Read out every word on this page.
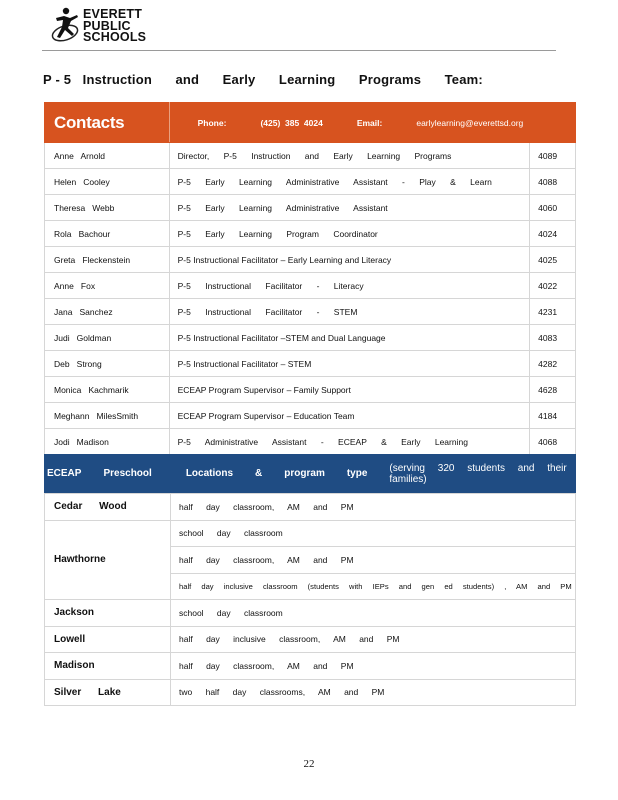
EVERETT
PUBLIC
SCHOOLS
P - 5   Instruction and Early Learning Programs Team:
Contacts	Phone: (425)  385  4024 Email: earlylearning@everettsd.org	
Anne   Arnold	Director, P-5 Instruction and Early Learning Programs	4089
Helen   Cooley	P-5 Early Learning Administrative Assistant - Play & Learn	4088
Theresa   Webb	P-5 Early Learning Administrative Assistant	4060
Rola   Bachour	P-5 Early Learning Program Coordinator	4024
Greta   Fleckenstein	P-5 Instructional Facilitator – Early Learning and Literacy	4025
Anne   Fox	P-5 Instructional Facilitator - Literacy	4022
Jana   Sanchez	P-5 Instructional Facilitator - STEM	4231
Judi   Goldman	P-5 Instructional Facilitator –STEM and Dual Language	4083
Deb   Strong	P-5 Instructional Facilitator – STEM	4282
Monica   Kachmarik	ECEAP Program Supervisor – Family Support	4628
Meghann   MilesSmith	ECEAP Program Supervisor – Education Team	4184
Jodi   Madison	P-5 Administrative Assistant - ECEAP & Early Learning	4068
ECEAP Preschool	Locations & program type (serving 320 students and their families)
Cedar Wood	half day classroom, AM and PM
Hawthorne	school day classroom
	half day classroom, AM and PM
	half day inclusive classroom (students with IEPs and gen ed students) , AM and PM
Jackson	school day classroom
Lowell	half day inclusive classroom, AM and PM
Madison	half day classroom, AM and PM
Silver Lake	two half day classrooms, AM and PM
22
